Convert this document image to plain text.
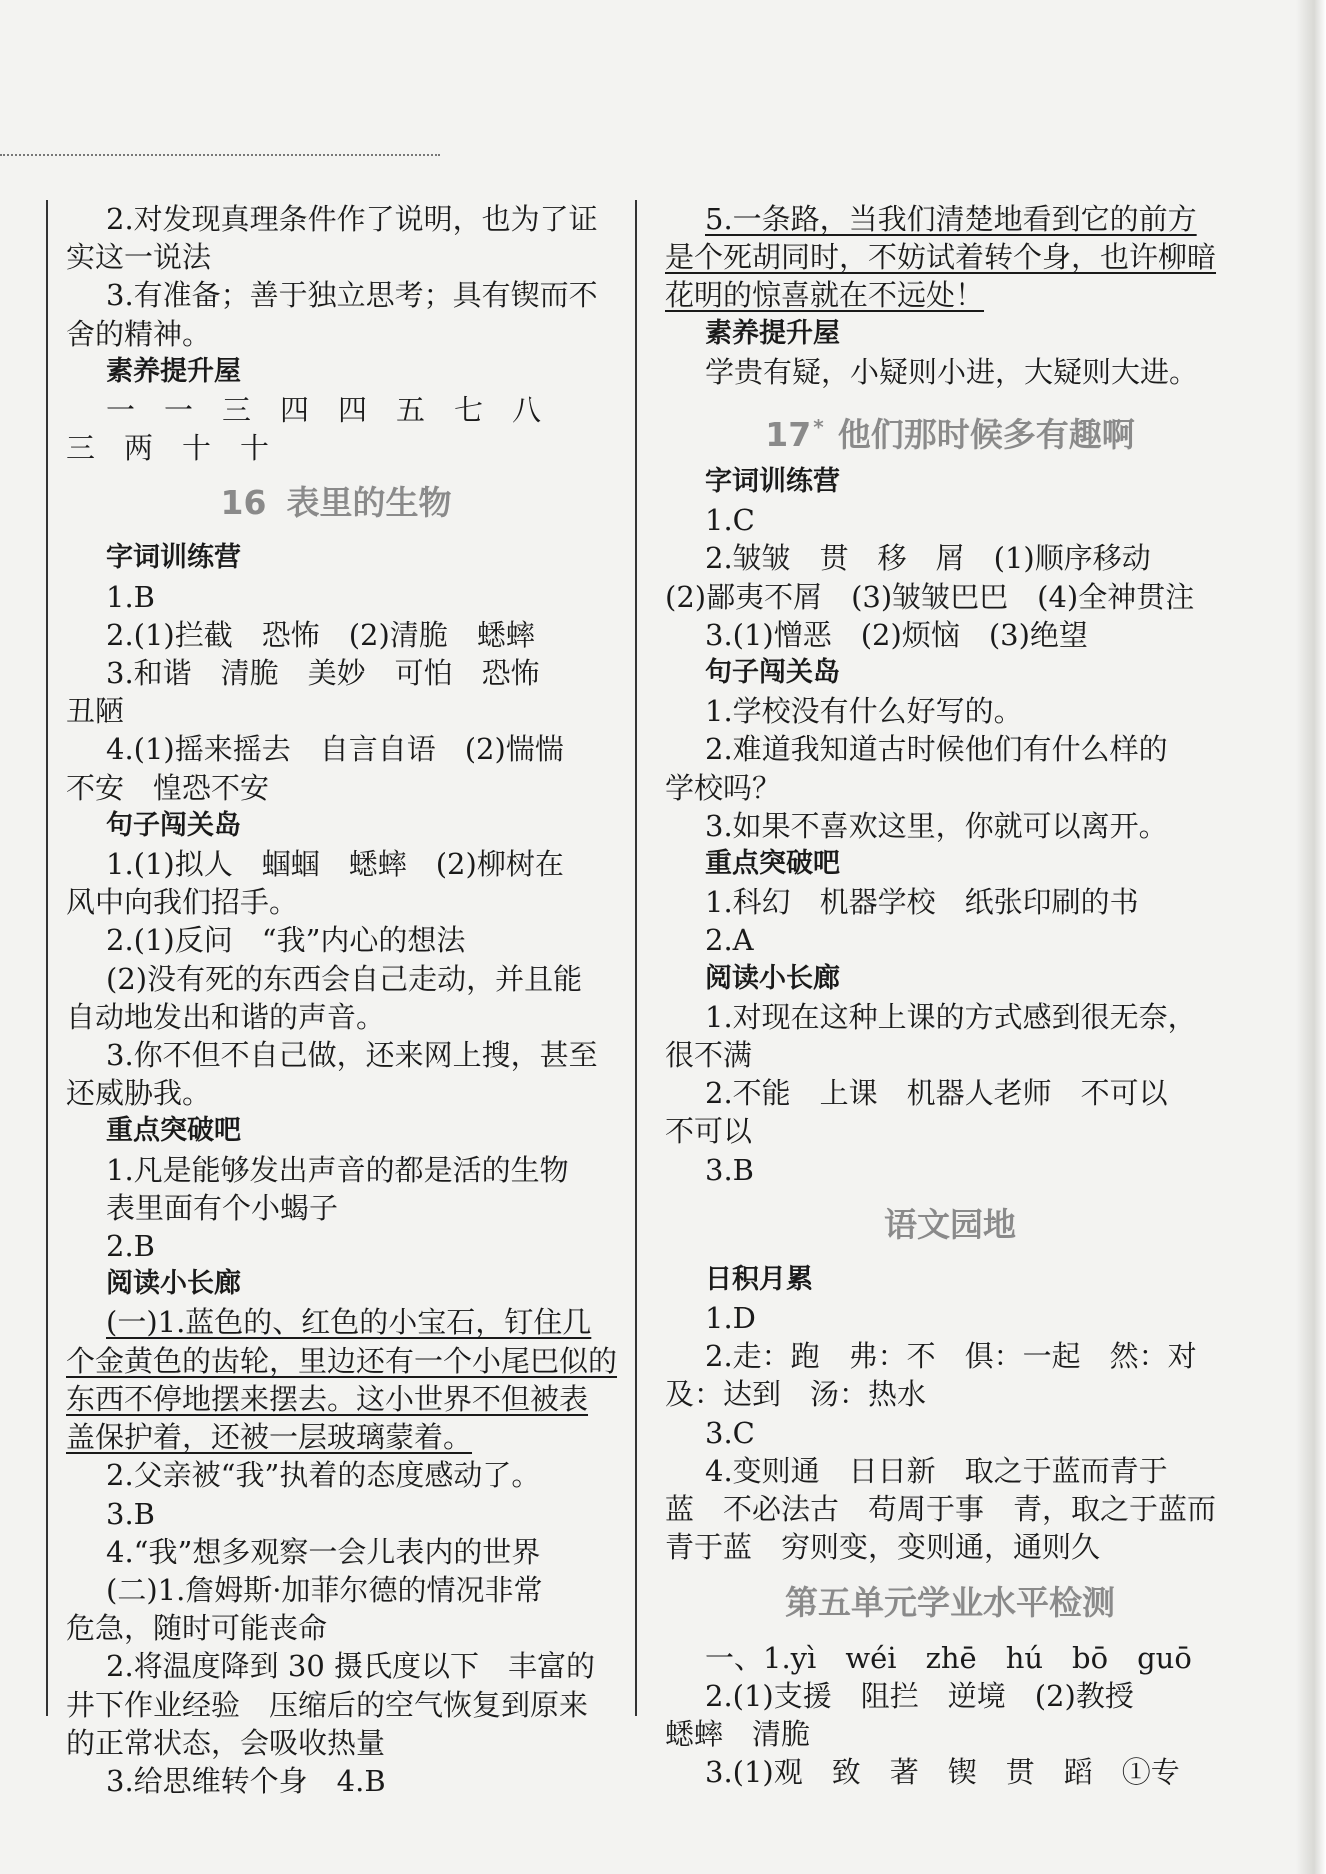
2.对发现真理条件作了说明，也为了证

实这一说法

3.有准备；善于独立思考；具有锲而不

舍的精神。

素养提升屋

一　一　三　四　四　五　七　八

三　两　十　十

16 表里的生物

字词训练营

1.B

2.(1)拦截　恐怖　(2)清脆　蟋蟀

3.和谐　清脆　美妙　可怕　恐怖

丑陋

4.(1)摇来摇去　自言自语　(2)惴惴

不安　惶恐不安

句子闯关岛

1.(1)拟人　蝈蝈　蟋蟀　(2)柳树在

风中向我们招手。

2.(1)反问　“我”内心的想法

(2)没有死的东西会自己走动，并且能

自动地发出和谐的声音。

3.你不但不自己做，还来网上搜，甚至

还威胁我。

重点突破吧

1.凡是能够发出声音的都是活的生物

表里面有个小蝎子

2.B

阅读小长廊

(一)1.蓝色的、红色的小宝石，钉住几

个金黄色的齿轮，里边还有一个小尾巴似的

东西不停地摆来摆去。这小世界不但被表

盖保护着，还被一层玻璃蒙着。

2.父亲被“我”执着的态度感动了。

3.B

4.“我”想多观察一会儿表内的世界

(二)1.詹姆斯·加菲尔德的情况非常

危急，随时可能丧命

2.将温度降到 30 摄氏度以下　丰富的

井下作业经验　压缩后的空气恢复到原来

的正常状态，会吸收热量

3.给思维转个身　4.B

5.一条路，当我们清楚地看到它的前方

是个死胡同时，不妨试着转个身，也许柳暗

花明的惊喜就在不远处！

素养提升屋

学贵有疑，小疑则小进，大疑则大进。

17 * 他们那时候多有趣啊

字词训练营

1.C

2.皱皱　贯　移　屑　(1)顺序移动

(2)鄙夷不屑　(3)皱皱巴巴　(4)全神贯注

3.(1)憎恶　(2)烦恼　(3)绝望

句子闯关岛

1.学校没有什么好写的。

2.难道我知道古时候他们有什么样的

学校吗？

3.如果不喜欢这里，你就可以离开。

重点突破吧

1.科幻　机器学校　纸张印刷的书

2.A

阅读小长廊

1.对现在这种上课的方式感到很无奈，

很不满

2.不能　上课　机器人老师　不可以

不可以

3.B

语文园地

日积月累

1.D

2.走：跑　弗：不　俱：一起　然：对

及：达到　汤：热水

3.C

4.变则通　日日新　取之于蓝而青于

蓝　不必法古　苟周于事　青，取之于蓝而

青于蓝　穷则变，变则通，通则久

第五单元学业水平检测

一、1.yì　wéi　zhē　hú　bō　guō

2.(1)支援　阻拦　逆境　(2)教授

蟋蟀　清脆

3.(1)观　致　著　锲　贯　蹈　①专
